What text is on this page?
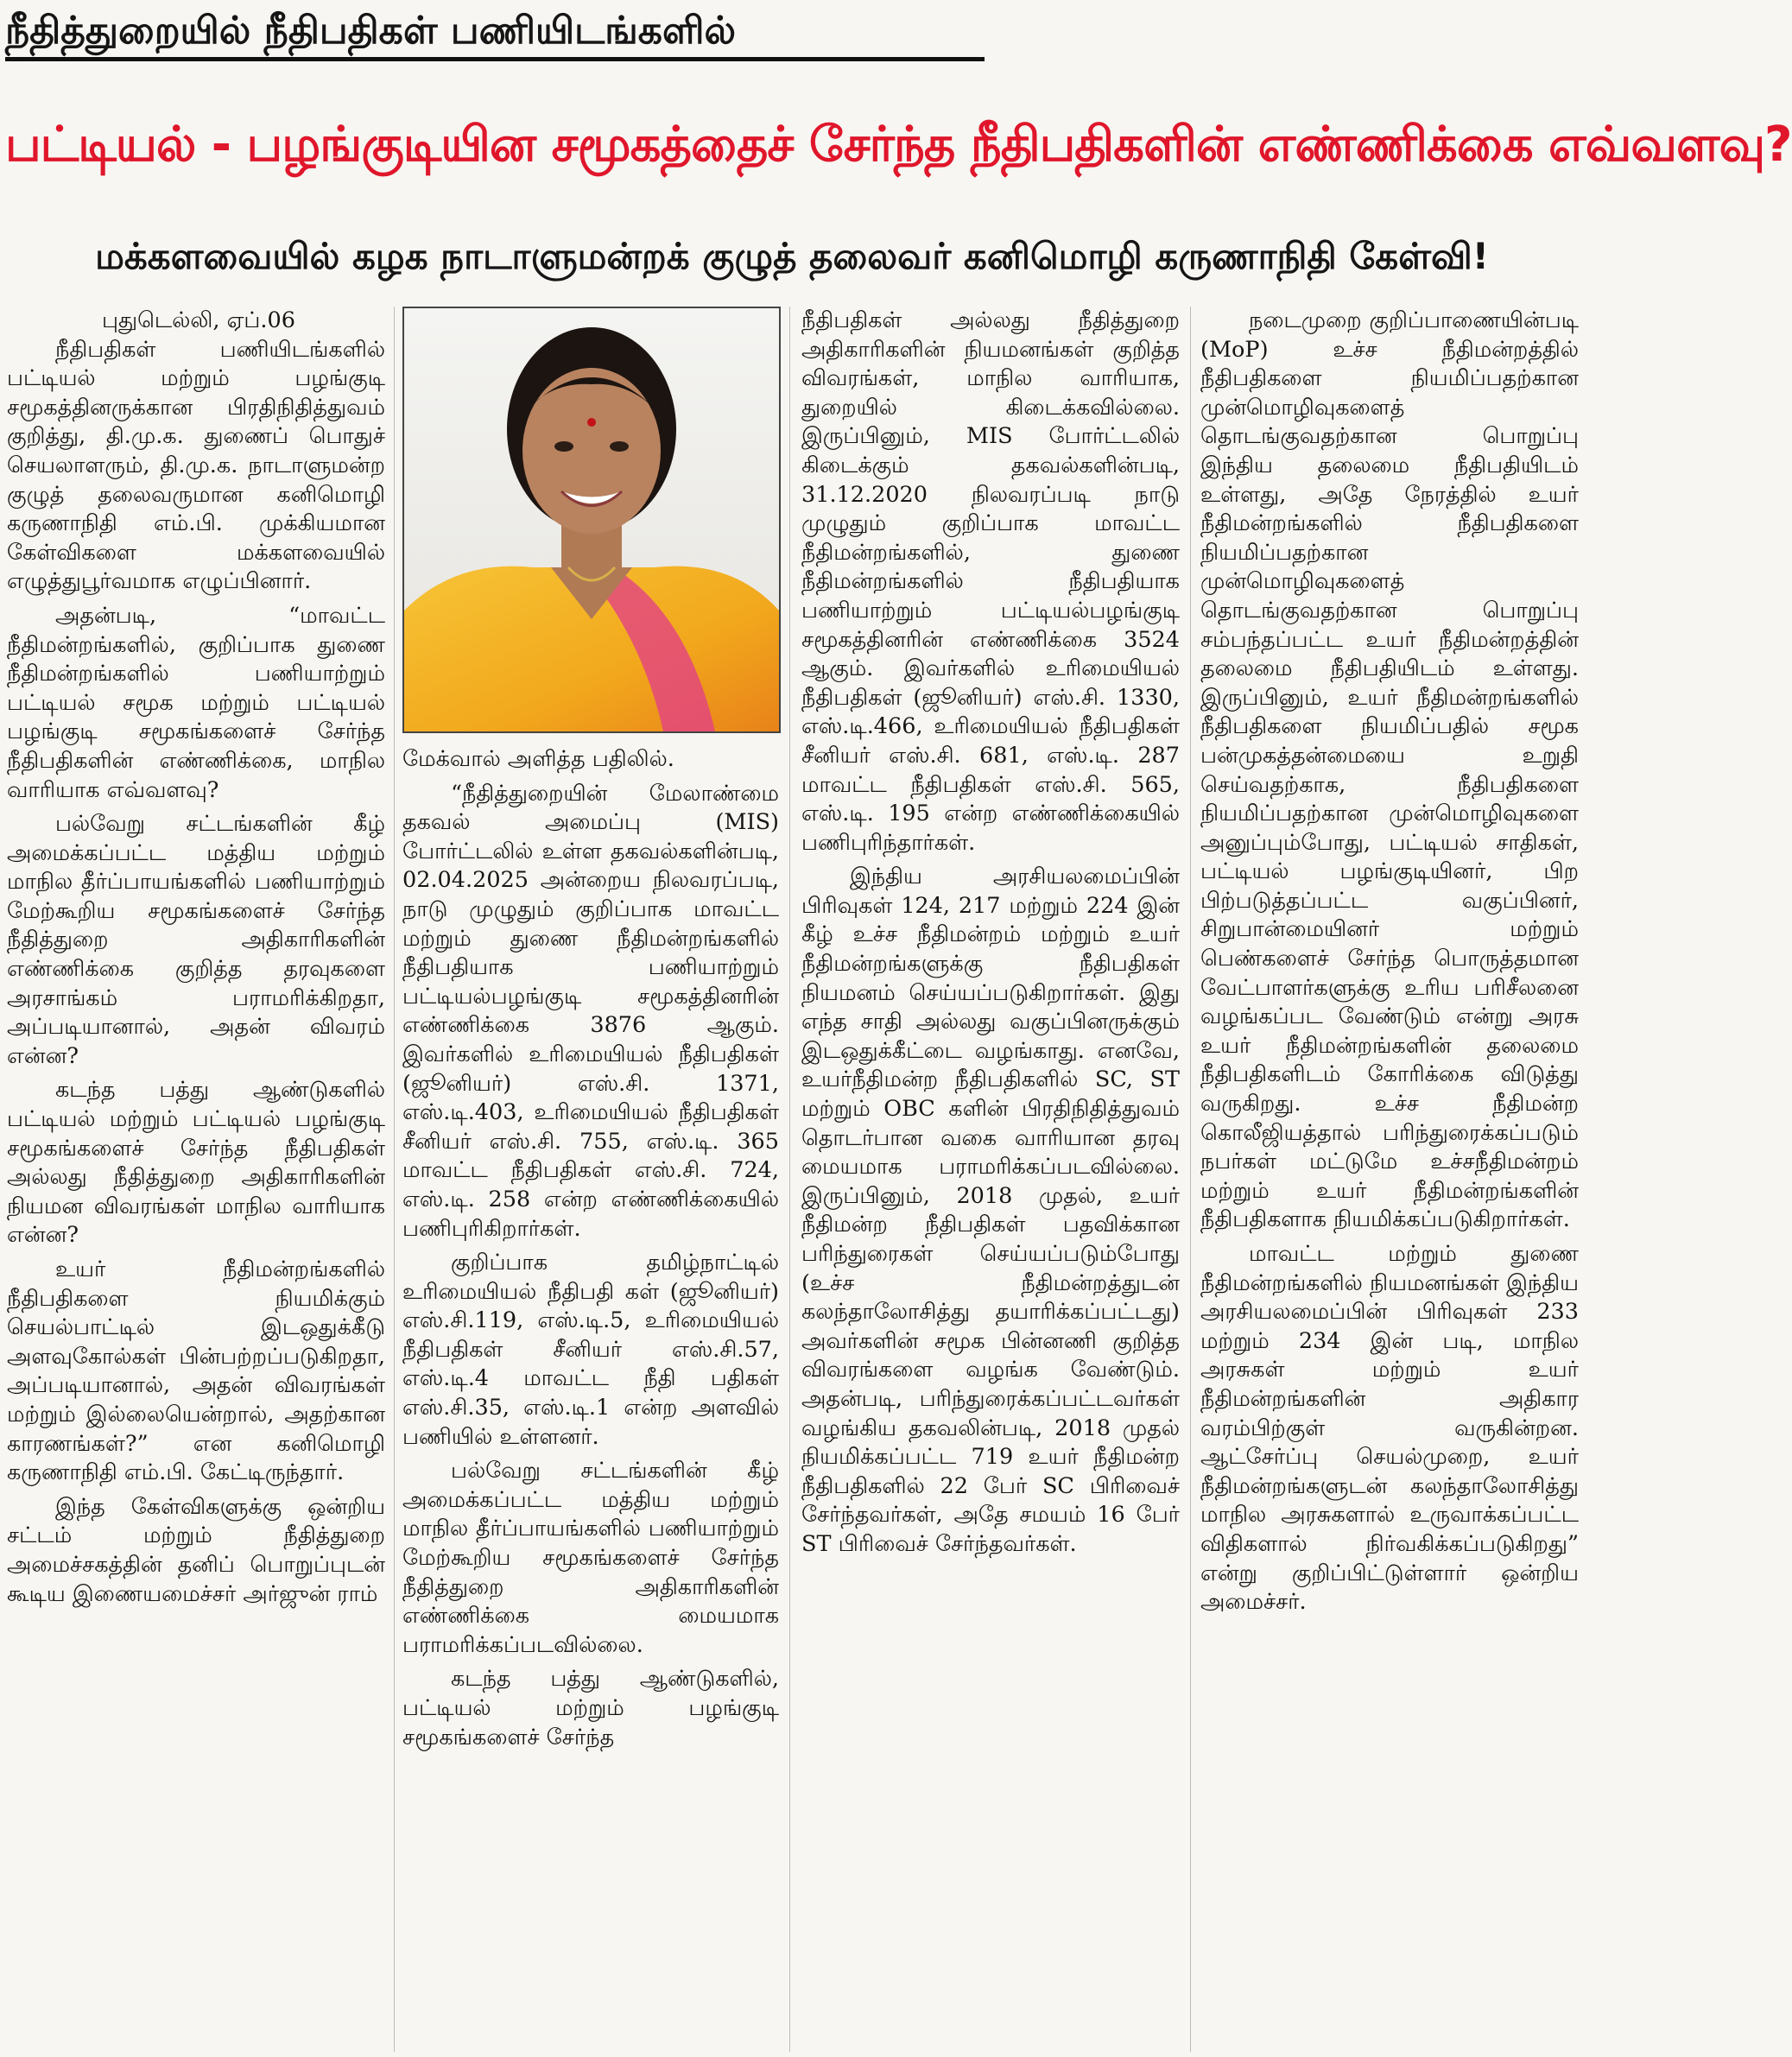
நீதித்துறையில் நீதிபதிகள் பணியிடங்களில்
பட்டியல் - பழங்குடியின சமூகத்தைச் சேர்ந்த நீதிபதிகளின் எண்ணிக்கை எவ்வளவு?
மக்களவையில் கழக நாடாளுமன்றக் குழுத் தலைவர் கனிமொழி கருணாநிதி கேள்வி!

புதுடெல்லி, ஏப்.06

நீதிபதிகள் பணியிடங்களில் பட்டியல் மற்றும் பழங்குடி சமூகத்தினருக்கான பிரதிநிதித்துவம் குறித்து, தி.மு.க. துணைப் பொதுச் செயலாளரும், தி.மு.க. நாடாளுமன்ற குழுத் தலைவருமான கனிமொழி கருணாநிதி எம்.பி. முக்கியமான கேள்விகளை மக்களவையில் எழுத்துபூர்வமாக எழுப்பினார்.

அதன்படி, “மாவட்ட நீதிமன்றங்களில், குறிப்பாக துணை நீதிமன்றங்களில் பணியாற்றும் பட்டியல் சமூக மற்றும் பட்டியல் பழங்குடி சமூகங்களைச் சேர்ந்த நீதிபதிகளின் எண்ணிக்கை, மாநில வாரியாக எவ்வளவு?

பல்வேறு சட்டங்களின் கீழ் அமைக்கப்பட்ட மத்திய மற்றும் மாநில தீர்ப்பாயங்களில் பணியாற்றும் மேற்கூறிய சமூகங்களைச் சேர்ந்த நீதித்துறை அதிகாரிகளின் எண்ணிக்கை குறித்த தரவுகளை அரசாங்கம் பராமரிக்கிறதா, அப்படியானால், அதன் விவரம் என்ன?

கடந்த பத்து ஆண்டுகளில் பட்டியல் மற்றும் பட்டியல் பழங்குடி சமூகங்களைச் சேர்ந்த நீதிபதிகள் அல்லது நீதித்துறை அதிகாரிகளின் நியமன விவரங்கள் மாநில வாரியாக என்ன?

உயர் நீதிமன்றங்களில் நீதிபதிகளை நியமிக்கும் செயல்பாட்டில் இடஒதுக்கீடு அளவுகோல்கள் பின்பற்றப்படுகிறதா, அப்படியானால், அதன் விவரங்கள் மற்றும் இல்லையென்றால், அதற்கான காரணங்கள்?” என கனிமொழி கருணாநிதி எம்.பி. கேட்டிருந்தார்.

இந்த கேள்விகளுக்கு ஒன்றிய சட்டம் மற்றும் நீதித்துறை அமைச்சகத்தின் தனிப் பொறுப்புடன் கூடிய இணையமைச்சர் அர்ஜுன் ராம்

மேக்வால் அளித்த பதிலில்.

“நீதித்துறையின் மேலாண்மை தகவல் அமைப்பு (MIS) போர்ட்டலில் உள்ள தகவல்களின்படி, 02.04.2025 அன்றைய நிலவரப்படி, நாடு முழுதும் குறிப்பாக மாவட்ட மற்றும் துணை நீதிமன்றங்களில் நீதிபதியாக பணியாற்றும் பட்டியல்பழங்குடி சமூகத்தினரின் எண்ணிக்கை 3876 ஆகும். இவர்களில் உரிமையியல் நீதிபதிகள் (ஜூனியர்) எஸ்.சி. 1371, எஸ்.டி.403, உரிமையியல் நீதிபதிகள் சீனியர் எஸ்.சி. 755, எஸ்.டி. 365 மாவட்ட நீதிபதிகள் எஸ்.சி. 724, எஸ்.டி. 258 என்ற எண்ணிக்கையில் பணிபுரிகிறார்கள்.

குறிப்பாக தமிழ்நாட்டில் உரிமையியல் நீதிபதி கள் (ஜூனியர்) எஸ்.சி.119, எஸ்.டி.5, உரிமையியல் நீதிபதிகள் சீனியர் எஸ்.சி.57, எஸ்.டி.4 மாவட்ட நீதி பதிகள் எஸ்.சி.35, எஸ்.டி.1 என்ற அளவில் பணியில் உள்ளனர்.

பல்வேறு சட்டங்களின் கீழ் அமைக்கப்பட்ட மத்திய மற்றும் மாநில தீர்ப்பாயங்களில் பணியாற்றும் மேற்கூறிய சமூகங்களைச் சேர்ந்த நீதித்துறை அதிகாரிகளின் எண்ணிக்கை மையமாக பராமரிக்கப்படவில்லை.

கடந்த பத்து ஆண்டுகளில், பட்டியல் மற்றும் பழங்குடி சமூகங்களைச் சேர்ந்த

நீதிபதிகள் அல்லது நீதித்துறை அதிகாரிகளின் நியமனங்கள் குறித்த விவரங்கள், மாநில வாரியாக, துறையில் கிடைக்கவில்லை. இருப்பினும், MIS போர்ட்டலில் கிடைக்கும் தகவல்களின்படி, 31.12.2020 நிலவரப்படி நாடு முழுதும் குறிப்பாக மாவட்ட நீதிமன்றங்களில், துணை நீதிமன்றங்களில் நீதிபதியாக பணியாற்றும் பட்டியல்பழங்குடி சமூகத்தினரின் எண்ணிக்கை 3524 ஆகும். இவர்களில் உரிமையியல் நீதிபதிகள் (ஜூனியர்) எஸ்.சி. 1330, எஸ்.டி.466, உரிமையியல் நீதிபதிகள் சீனியர் எஸ்.சி. 681, எஸ்.டி. 287 மாவட்ட நீதிபதிகள் எஸ்.சி. 565, எஸ்.டி. 195 என்ற எண்ணிக்கையில் பணிபுரிந்தார்கள்.

இந்திய அரசியலமைப்பின் பிரிவுகள் 124, 217 மற்றும் 224 இன் கீழ் உச்ச நீதிமன்றம் மற்றும் உயர் நீதிமன்றங்களுக்கு நீதிபதிகள் நியமனம் செய்யப்படுகிறார்கள். இது எந்த சாதி அல்லது வகுப்பினருக்கும் இடஒதுக்கீட்டை வழங்காது. எனவே, உயர்நீதிமன்ற நீதிபதிகளில் SC, ST மற்றும் OBC களின் பிரதிநிதித்துவம் தொடர்பான வகை வாரியான தரவு மையமாக பராமரிக்கப்படவில்லை. இருப்பினும், 2018 முதல், உயர் நீதிமன்ற நீதிபதிகள் பதவிக்கான பரிந்துரைகள் செய்யப்படும்போது (உச்ச நீதிமன்றத்துடன் கலந்தாலோசித்து தயாரிக்கப்பட்டது) அவர்களின் சமூக பின்னணி குறித்த விவரங்களை வழங்க வேண்டும். அதன்படி, பரிந்துரைக்கப்பட்டவர்கள் வழங்கிய தகவலின்படி, 2018 முதல் நியமிக்கப்பட்ட 719 உயர் நீதிமன்ற நீதிபதிகளில் 22 பேர் SC பிரிவைச் சேர்ந்தவர்கள், அதே சமயம் 16 பேர் ST பிரிவைச் சேர்ந்தவர்கள்.

நடைமுறை குறிப்பாணையின்படி (MoP) உச்ச நீதிமன்றத்தில் நீதிபதிகளை நியமிப்பதற்கான முன்மொழிவுகளைத் தொடங்குவதற்கான பொறுப்பு இந்திய தலைமை நீதிபதியிடம் உள்ளது, அதே நேரத்தில் உயர் நீதிமன்றங்களில் நீதிபதிகளை நியமிப்பதற்கான முன்மொழிவுகளைத் தொடங்குவதற்கான பொறுப்பு சம்பந்தப்பட்ட உயர் நீதிமன்றத்தின் தலைமை நீதிபதியிடம் உள்ளது. இருப்பினும், உயர் நீதிமன்றங்களில் நீதிபதிகளை நியமிப்பதில் சமூக பன்முகத்தன்மையை உறுதி செய்வதற்காக, நீதிபதிகளை நியமிப்பதற்கான முன்மொழிவுகளை அனுப்பும்போது, பட்டியல் சாதிகள், பட்டியல் பழங்குடியினர், பிற பிற்படுத்தப்பட்ட வகுப்பினர், சிறுபான்மையினர் மற்றும் பெண்களைச் சேர்ந்த பொருத்தமான வேட்பாளர்களுக்கு உரிய பரிசீலனை வழங்கப்பட வேண்டும் என்று அரசு உயர் நீதிமன்றங்களின் தலைமை நீதிபதிகளிடம் கோரிக்கை விடுத்து வருகிறது. உச்ச நீதிமன்ற கொலீஜியத்தால் பரிந்துரைக்கப்படும் நபர்கள் மட்டுமே உச்சநீதிமன்றம் மற்றும் உயர் நீதிமன்றங்களின் நீதிபதிகளாக நியமிக்கப்படுகிறார்கள்.

மாவட்ட மற்றும் துணை நீதிமன்றங்களில் நியமனங்கள் இந்திய அரசியலமைப்பின் பிரிவுகள் 233 மற்றும் 234 இன் படி, மாநில அரசுகள் மற்றும் உயர் நீதிமன்றங்களின் அதிகார வரம்பிற்குள் வருகின்றன. ஆட்சேர்ப்பு செயல்முறை, உயர் நீதிமன்றங்களுடன் கலந்தாலோசித்து மாநில அரசுகளால் உருவாக்கப்பட்ட விதிகளால் நிர்வகிக்கப்படுகிறது” என்று குறிப்பிட்டுள்ளார் ஒன்றிய அமைச்சர்.
